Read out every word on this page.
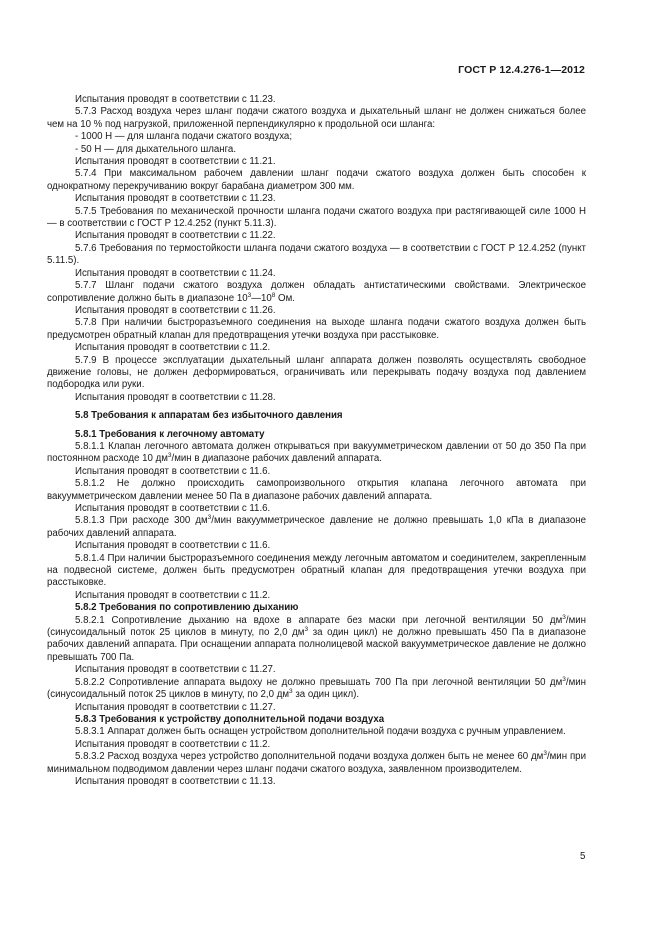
ГОСТ Р 12.4.276-1—2012

Испытания проводят в соответствии с 11.23.

5.7.3 Расход воздуха через шланг подачи сжатого воздуха и дыхательный шланг не должен снижаться более чем на 10 % под нагрузкой, приложенной перпендикулярно к продольной оси шланга:

- 1000 Н — для шланга подачи сжатого воздуха;

- 50 Н — для дыхательного шланга.

Испытания проводят в соответствии с 11.21.

5.7.4 При максимальном рабочем давлении шланг подачи сжатого воздуха должен быть способен к однократному перекручиванию вокруг барабана диаметром 300 мм.

Испытания проводят в соответствии с 11.23.

5.7.5 Требования по механической прочности шланга подачи сжатого воздуха при растягивающей силе 1000 Н — в соответствии с ГОСТ Р 12.4.252 (пункт 5.11.3).

Испытания проводят в соответствии с 11.22.

5.7.6 Требования по термостойкости шланга подачи сжатого воздуха — в соответствии с ГОСТ Р 12.4.252 (пункт 5.11.5).

Испытания проводят в соответствии с 11.24.

5.7.7 Шланг подачи сжатого воздуха должен обладать антистатическими свойствами. Электрическое сопротивление должно быть в диапазоне $10^3—10^8$ Ом.

Испытания проводят в соответствии с 11.26.

5.7.8 При наличии быстроразъемного соединения на выходе шланга подачи сжатого воздуха должен быть предусмотрен обратный клапан для предотвращения утечки воздуха при расстыковке.

Испытания проводят в соответствии с 11.2.

5.7.9 В процессе эксплуатации дыхательный шланг аппарата должен позволять осуществлять свободное движение головы, не должен деформироваться, ограничивать или перекрывать подачу воздуха под давлением подбородка или руки.

Испытания проводят в соответствии с 11.28.

5.8 Требования к аппаратам без избыточного давления

5.8.1 Требования к легочному автомату

5.8.1.1 Клапан легочного автомата должен открываться при вакуумметрическом давлении от 50 до 350 Па при постоянном расходе 10 $дм^3$/мин в диапазоне рабочих давлений аппарата.

Испытания проводят в соответствии с 11.6.

5.8.1.2 Не должно происходить самопроизвольного открытия клапана легочного автомата при вакуумметрическом давлении менее 50 Па в диапазоне рабочих давлений аппарата.

Испытания проводят в соответствии с 11.6.

5.8.1.3 При расходе 300 $дм^3$/мин вакуумметрическое давление не должно превышать 1,0 кПа в диапазоне рабочих давлений аппарата.

Испытания проводят в соответствии с 11.6.

5.8.1.4 При наличии быстроразъемного соединения между легочным автоматом и соединителем, закрепленным на подвесной системе, должен быть предусмотрен обратный клапан для предотвращения утечки воздуха при расстыковке.

Испытания проводят в соответствии с 11.2.

5.8.2 Требования по сопротивлению дыханию

5.8.2.1 Сопротивление дыханию на вдохе в аппарате без маски при легочной вентиляции 50 $дм^3$/мин (синусоидальный поток 25 циклов в минуту, по 2,0 $дм^3$ за один цикл) не должно превышать 450 Па в диапазоне рабочих давлений аппарата. При оснащении аппарата полнолицевой маской вакуумметрическое давление не должно превышать 700 Па.

Испытания проводят в соответствии с 11.27.

5.8.2.2 Сопротивление аппарата выдоху не должно превышать 700 Па при легочной вентиляции 50 $дм^3$/мин (синусоидальный поток 25 циклов в минуту, по 2,0 $дм^3$ за один цикл).

Испытания проводят в соответствии с 11.27.

5.8.3 Требования к устройству дополнительной подачи воздуха

5.8.3.1 Аппарат должен быть оснащен устройством дополнительной подачи воздуха с ручным управлением.

Испытания проводят в соответствии с 11.2.

5.8.3.2 Расход воздуха через устройство дополнительной подачи воздуха должен быть не менее 60 $дм^3$/мин при минимальном подводимом давлении через шланг подачи сжатого воздуха, заявленном производителем.

Испытания проводят в соответствии с 11.13.

5
